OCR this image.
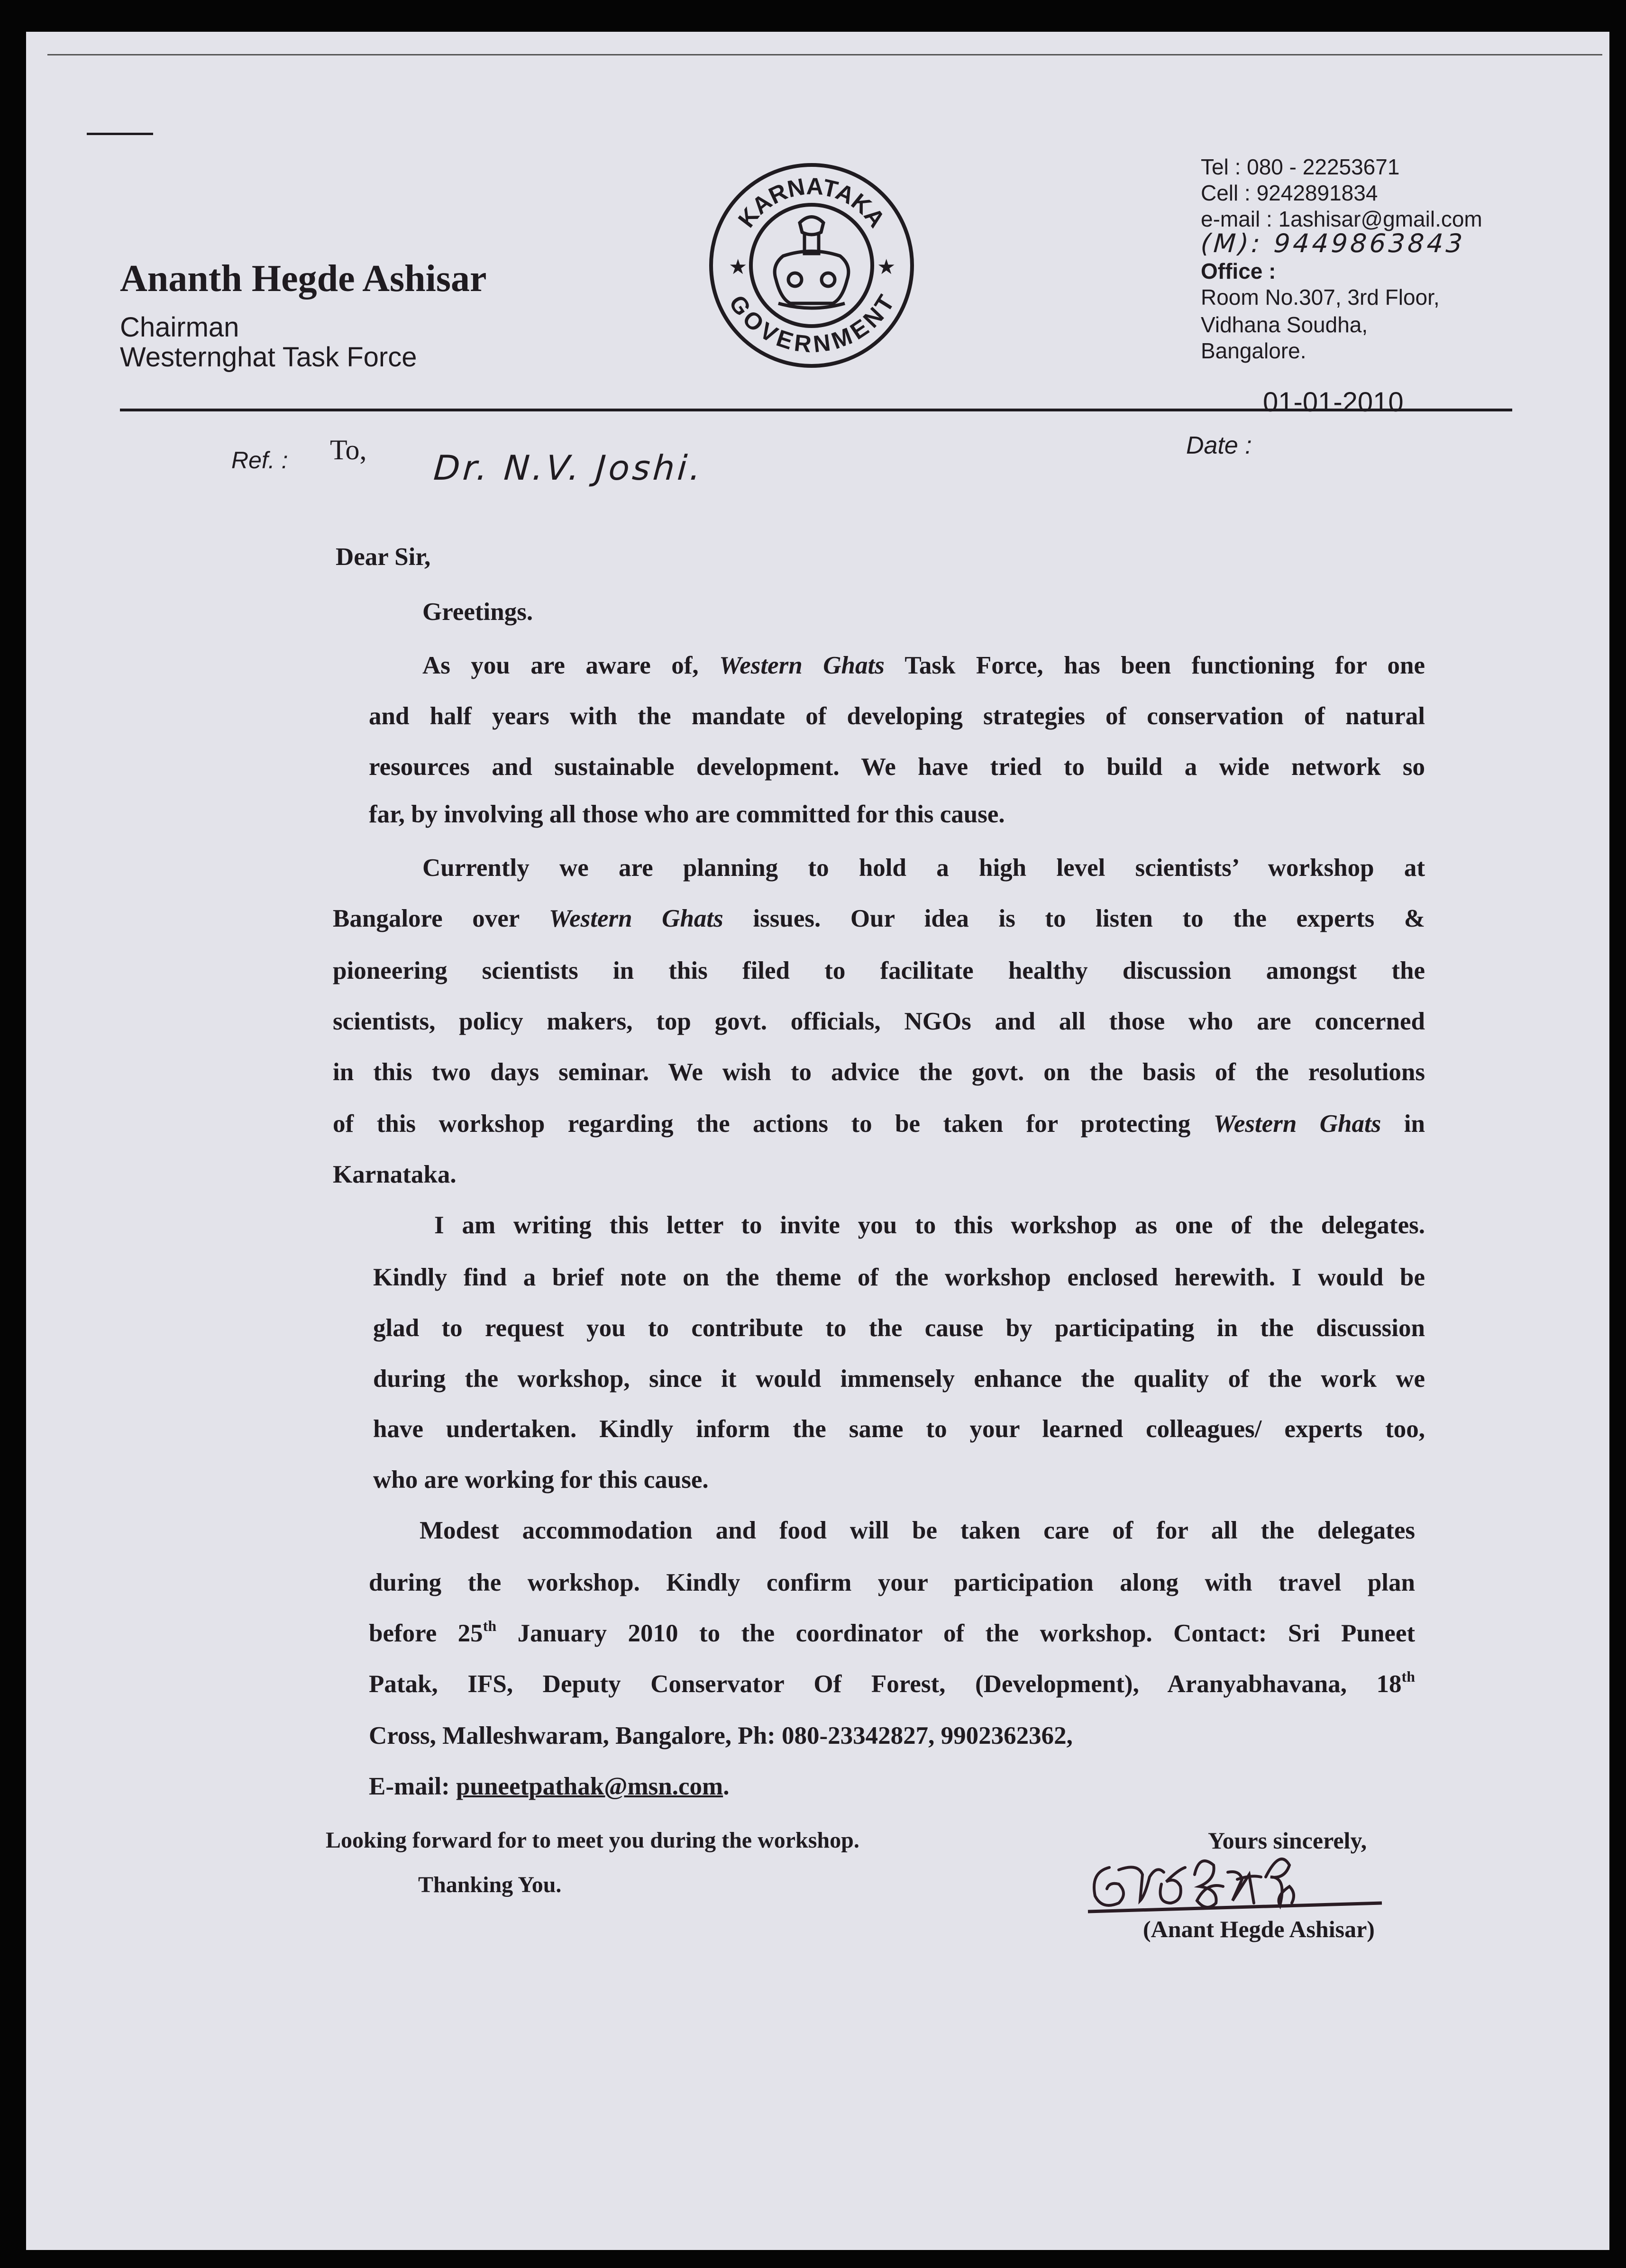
Ananth Hegde Ashisar
Chairman
Westernghat Task Force
KARNATAKA
GOVERNMENT
★	★
Tel : 080 - 22253671
Cell : 9242891834
e-mail : 1ashisar@gmail.com
(M): 9449863843
Office :
Room No.307, 3rd Floor,
Vidhana Soudha,
Bangalore.
01-01-2010
Ref. : To, Dr. N.V. Joshi.
Date :
Dear Sir,
Greetings.
As you are aware of, Western Ghats Task Force, has been functioning for one
and half years with the mandate of developing strategies of conservation of natural
resources and sustainable development. We have tried to build a wide network so
far, by involving all those who are committed for this cause.
Currently we are planning to hold a high level scientists’ workshop at
Bangalore over Western Ghats issues. Our idea is to listen to the experts &
pioneering scientists in this filed to facilitate healthy discussion amongst the
scientists, policy makers, top govt. officials, NGOs and all those who are concerned
in this two days seminar. We wish to advice the govt. on the basis of the resolutions
of this workshop regarding the actions to be taken for protecting Western Ghats in
Karnataka.
I am writing this letter to invite you to this workshop as one of the delegates.
Kindly find a brief note on the theme of the workshop enclosed herewith. I would be
glad to request you to contribute to the cause by participating in the discussion
during the workshop, since it would immensely enhance the quality of the work we
have undertaken. Kindly inform the same to your learned colleagues/ experts too,
who are working for this cause.
Modest accommodation and food will be taken care of for all the delegates
during the workshop. Kindly confirm your participation along with travel plan
before 25th January 2010 to the coordinator of the workshop. Contact: Sri Puneet
Patak, IFS, Deputy Conservator Of Forest, (Development), Aranyabhavana, 18th
Cross, Malleshwaram, Bangalore, Ph: 080-23342827, 9902362362,
E-mail: puneetpathak@msn.com.
Looking forward for to meet you during the workshop.
Thanking You.
Yours sincerely,
(Anant Hegde Ashisar)
